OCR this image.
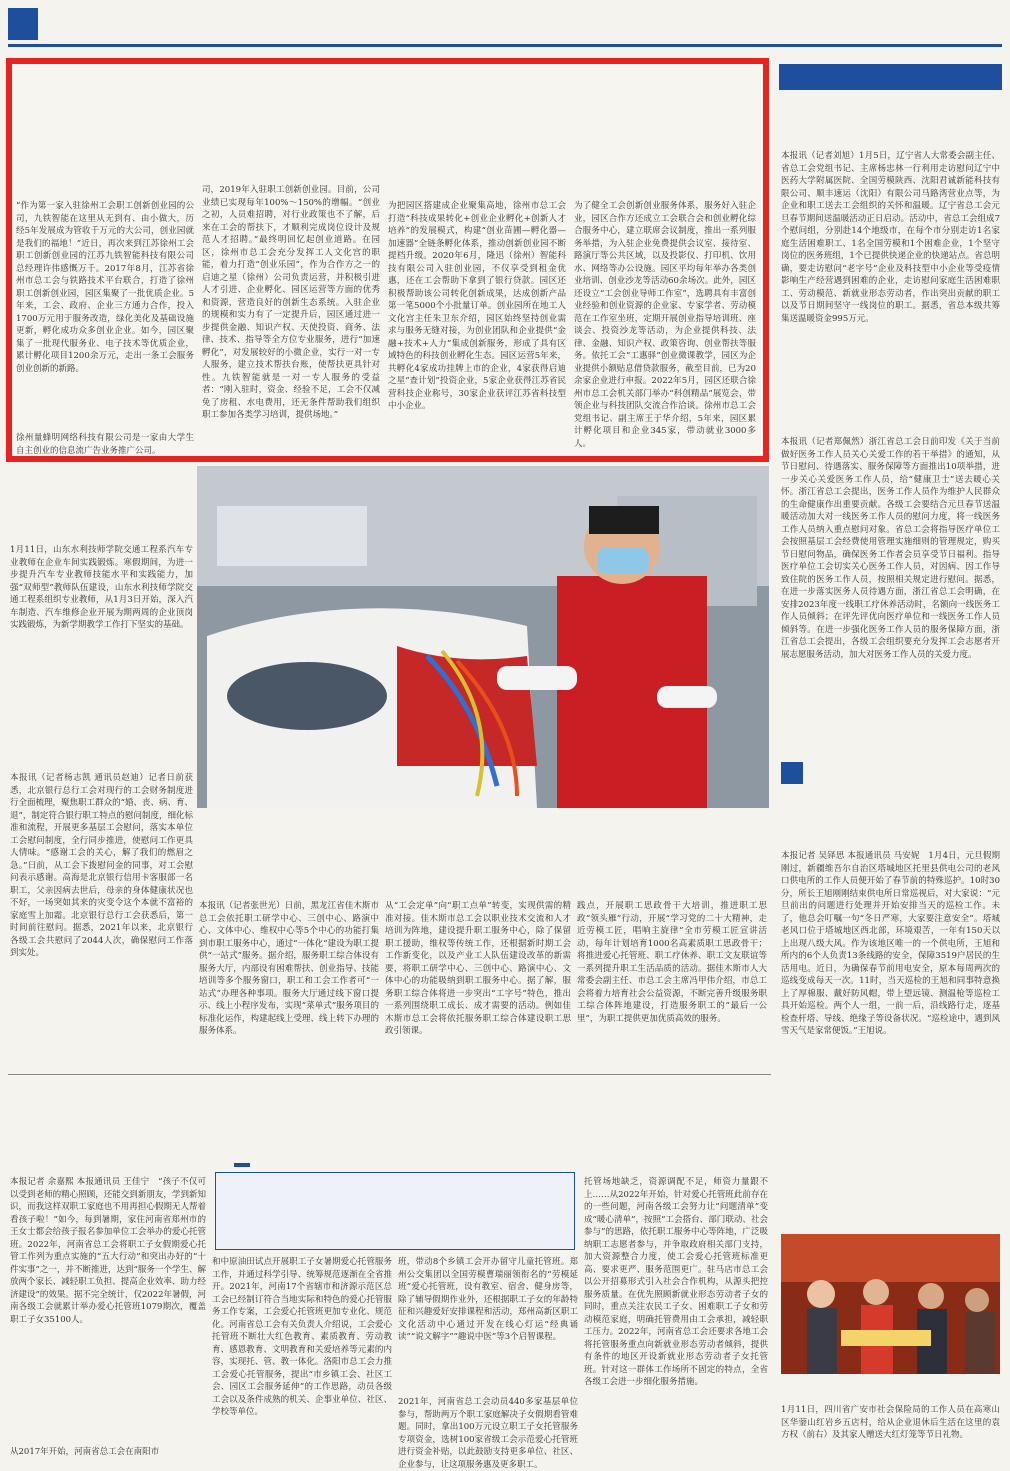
“作为第一家入驻徐州工会职工创新创业园的公司，九铁智能在这里从无到有、由小做大，历经5年发展成为管收千万元的大公司，创业园就是我们的福地！”近日，再次来到江苏徐州工会职工创新创业园的江苏九铁智能科技有限公司总经理许伟感慨万千。2017年8月，江苏省徐州市总工会与铁路技术平台联合，打造了徐州职工创新创业园，园区集聚了一批优质企业。5年来，工会、政府、企业三方通力合作，投入1700万元用于服务改造，绿化美化及基础设施更新，孵化成功众多创业企业。如今，园区聚集了一批现代服务业、电子技术等优质企业，累计孵化项目1200余万元，走出一条工会服务创业创新的新路。
徐州量蜂明网络科技有限公司是一家由大学生自主创业的信息流广告业务推广公司。
司，2019年入驻职工创新创业园。目前，公司业绩已实现每年100%～150%的增幅。“创业之初，人员难招聘，对行业政策也不了解，后来在工会的帮扶下，才顺利完成岗位设计及规范人才招聘。”最终明回忆起创业道路。在园区，徐州市总工会充分发挥工人文化宫的职能，着力打造“创业乐园”，作为合作方之一的启迪之星（徐州）公司负责运营，并积极引进人才引进、企业孵化、园区运营等方面的优秀和资源，营造良好的创新生态系统。入驻企业的规模和实力有了一定提升后，园区通过进一步提供金融、知识产权、天使投资、商务、法律、技术、指导等全方位专业服务，进行“加速孵化”，对发展较好的小微企业，实行一对一专人服务，建立技术帮扶台账，使帮扶更具针对性。九铁智能就是一对一专人服务的受益者：“刚入驻时，资金、经验不足，工会不仅减免了房租、水电费用，还无条件帮助我们组织职工参加各类学习培训，提供场地。”
为把园区搭建成企业聚集高地，徐州市总工会打造“科技成果转化+创业企业孵化+创新人才培养”的发展模式，构建“创业苗圃—孵化器—加速器”全链条孵化体系，推动创新创业园不断提档升级。2020年6月，隆迅（徐州）智能科技有限公司入驻创业园，不仅享受到租金优惠，还在工会帮助下拿到了银行贷款。园区还积极帮助该公司转化创新成果，达成创新产品第一笔5000个小批量订单。创业园所在地工人文化宫主任朱卫东介绍，园区始终坚持创业需求与服务无缝对接，为创业团队和企业提供“金融+技术+人力”集成创新服务，形成了具有区域特色的科技创业孵化生态。园区运营5年来，共孵化4家成功挂牌上市的企业，4家获得启迪之星“查计划”投资企业，5家企业获得江苏省民营科技企业称号，30家企业获评江苏省科技型中小企业。
为了健全工会创新创业服务体系，服务好入驻企业，园区合作方还成立工会联合会和创业孵化综合服务中心，建立联席会议制度，推出一系列服务举措，为入驻企业免费提供会议室、接待室、路演厅等公共区域，以及投影仪、打印机、饮用水、网络等办公设施。园区平均每年举办各类创业培训、创业沙龙等活动60余场次。此外，园区还设立“工会创业导师工作室”，选聘具有丰富创业经验和创业资源的企业家、专家学者、劳动模范在工作室坐班，定期开展创业指导培训班、座谈会、投资沙龙等活动，为企业提供科技、法律、金融、知识产权、政策咨询、创业帮扶等服务。依托工会“工惠驿”创业微课教学，园区为企业提供小额贴息借贷款服务，截至目前，已为20余家企业进行申报。2022年5月，园区还联合徐州市总工会机关部门举办“科创精品”展览会，带领企业与科技团队交流合作洽谈。徐州市总工会党组书记、副主席王于华介绍，5年来，园区累计孵化项目和企业345家，带动就业3000多人。
本报讯（记者刘旭）1月5日，辽宁省人大常委会副主任、省总工会党组书记、主席杨忠林一行利用走访慰问辽宁中医药大学附属医院、全国劳模陕西、沈阳君诚新能科技有限公司、顺丰速运（沈阳）有限公司马路湾营业点等，为企业和职工送去工会组织的关怀和温暖。辽宁省总工会元旦春节期间送温暖活动正日启动。活动中，省总工会组成7个慰问组，分别赴14个地级市，在每个市分别走访1名家庭生活困难职工、1名全国劳模和1个困难企业，1个坚守岗位的医务班组，1个已提供快递企业的快递站点。省总明确，要走访慰问“老字号”企业及科技型中小企业等受疫情影响生产经营遇到困难的企业，走访慰问家庭生活困难职工、劳动模范、新就业形态劳动者，作出突出贡献的职工以及节日期间坚守一线岗位的职工。据悉，省总本级共筹集送温暖资金995万元。
本报讯（记者郑佩然）浙江省总工会日前印发《关于当前做好医务工作人员关心关爱工作的若干举措》的通知，从节日慰问、待遇落实、服务保障等方面推出10项举措，进一步关心关爱医务工作人员，给“健康卫士”送去暖心关怀。浙江省总工会提出，医务工作人员作为维护人民群众的生命健康作出重要贡献。各级工会要结合元旦春节送温暖活动加大对一线医务工作人员的慰问力度，将一线医务工作人员纳入重点慰问对象。省总工会将指导医疗单位工会按照基层工会经费使用管理实施细则的管理规定，购买节日慰问物品，确保医务工作者会员享受节日福利。指导医疗单位工会切实关心医务工作人员，对因病、因工作导致住院的医务工作人员，按照相关规定进行慰问。据悉，在进一步落实医务人员待遇方面，浙江省总工会明确，在安排2023年度一线职工疗休养活动时，名额向一线医务工作人员倾斜；在评先评优向医疗单位和一线医务工作人员倾斜等。在进一步强化医务工作人员的服务保障方面，浙江省总工会提出，各级工会组织要充分发挥工会志愿者开展志愿服务活动，加大对医务工作人员的关爱力度。
本报记者 吴铎思 本报通讯员 马安妮　1月4日，元旦假期刚过，新疆维吾尔自治区塔城地区托里县供电公司的老风口供电所的工作人员便开始了春节前的特殊巡护。10时30分，所长王旭刚刚结束供电所日常巡视后，对大家说：“元旦前出的问题进行处理并开始安排当天的巡检工作。未了，他总会叮嘱一句“冬日严寒，大家要注意安全”。塔城老风口位于塔城地区西北部，环境艰苦，一年有150天以上出现八级大风。作为该地区唯一的一个供电所，王旭和所内的6个人负责13条线路的安全，保障3519户居民的生活用电。近日，为确保春节前用电安全，原本每周两次的巡线变成每天一次。11时，当天巡检的王旭和同事特意换上了厚棉服、戴好防风帽，带上望远镜、测温枪等巡检工具开始巡检。两个人一组，一前一后，沿线路行走，逐基检查杆塔、导线、绝缘子等设备状况。“巡检途中，遇到风雪天气是家常便饭。”王旭说。
1月11日，四川省广安市社会保险局的工作人员在高寒山区华蓥山红岩乡五店村，给从企业退休后生活在这里的袁方权（前右）及其家人赠送大红灯笼等节日礼物。
1月11日，山东水利技师学院交通工程系汽车专业教师在企业车间实践锻炼。寒假期间，为进一步提升汽车专业教师技能水平和实践能力，加强“双师型”教师队伍建设，山东水利技师学院交通工程系组织专业教师，从1月3日开始，深入汽车制造、汽车维修企业开展为期两周的企业顶岗实践锻炼，为新学期教学工作打下坚实的基础。
本报讯（记者杨志凯 通讯员赵迪）记者日前获悉，北京银行总行工会对现行的工会财务制度进行全面梳理，聚焦职工群众的“婚、丧、病、育、退”，制定符合银行职工特点的慰问制度，细化标准和流程，开展更多基层工会慰问，落实本单位工会慰问制度，全行同步推进，使慰问工作更具人情味。“感谢工会的关心，解了我们的燃眉之急。”日前，从工会下拨慰问金的同事，对工会慰问表示感谢。高海是北京银行信用卡客服部一名职工，父亲因病去世后，母亲的身体健康状况也不好，一场突如其来的灾变令这个本就不富裕的家庭雪上加霜。北京银行总行工会获悉后，第一时间前往慰问。据悉，2021年以来，北京银行各级工会共慰问了2044人次，确保慰问工作落到实处。
本报讯（记者张世光）日前，黑龙江省佳木斯市总工会依托职工研学中心、三创中心、路演中心、文体中心、维权中心等5个中心的功能打集到市职工服务中心，通过“一体化”建设为职工提供“一站式”服务。据介绍，服务职工综合体设有服务大厅，内部设有困难帮扶、创业指导、技能培训等多个服务窗口，职工和工会工作者可“一站式”办理各种事项。服务大厅通过线下窗口提示、线上小程序发布，实现“菜单式”服务项目的标准化运作，构建起线上受理、线上转下办理的服务体系。
从“工会定单”向“职工点单”转变，实现供需的精准对接。佳木斯市总工会以职业技术交流和人才培训为阵地，建设提升职工服务中心，除了保留职工援助，维权等传统工作，还根据新时期工会工作新变化，以及产业工人队伍建设改革的新需要，将职工研学中心、三创中心、路演中心、文体中心的功能吸纳到职工服务中心。据了解，服务职工综合体将进一步突出“工字号”特色，推出一系列围绕职工成长、成才需要的活动。例如佳木斯市总工会将依托服务职工综合体建设职工思政引领课。
践点，开展职工思政骨干大培训，推进职工思政“领头雁”行动，开展“学习党的二十大精神，走近劳模工匠，唱响主旋律”全市劳模工匠宣讲活动，每年计划培育1000名高素质职工思政骨干；将推进爱心托管班、职工疗休养、职工文友联谊等一系列提升职工生活品质的活动。据佳木斯市人大常委会副主任、市总工会主席冯甲伟介绍，市总工会将着力培育社会公益资源，不断完善升级服务职工综合体阵地建设，打造服务职工的“最后一公里”，为职工提供更加优质高效的服务。
本报记者 余嘉熙 本报通讯员 王佳宁　“孩子不仅可以受到老师的精心照顾，还能交到新朋友，学到新知识，而我这样双职工家庭也不用再担心假期无人帮着看孩子啦！”如今，每到暑期，家住河南省郑州市的王女士都会给孩子报名参加单位工会举办的爱心托管班。2022年，河南省总工会将职工子女假期爱心托管工作列为重点实施的“五大行动”和突出办好的“十件实事”之一，并不断推进，达到“服务一个学生、解放两个家长、减轻职工负担、提高企业效率、助力经济建设”的效果。据不完全统计，仅2022年暑假，河南各级工会就累计举办爱心托管班1079期次，覆盖职工子女35100人。
从2017年开始，河南省总工会在南阳市
和中原油田试点开展职工子女暑期爱心托管服务工作，并通过科学引导、统筹规范逐渐在全省推开。2021年，河南17个省辖市和济源示范区总工会已经制订符合当地实际和特色的爱心托管服务工作专案，工会爱心托管班更加专业化、规范化。河南省总工会有关负责人介绍说，工会爱心托管班不断壮大红色教育、素质教育、劳动教育、感恩教育、文明教育和关爱培养等元素的内容，实现托、管、教一体化。洛阳市总工会力推工会爱心托管服务，提出“市乡镇工会、社区工会、园区工会服务延伸”的工作思路，动员各级工会以及条件成熟的机关、企事业单位、社区、学校等单位。
班，带动8个乡镇工会开办留守儿童托管班。郑州公交集团以全国劳模曹瑞丽领衔名的“劳模延班”爱心托管班，设有教室、宿舍、健身房等，除了辅导假期作业外，还根据职工子女的年龄特征和兴趣爱好安排课程和活动，郑州高新区职工文化活动中心通过开发在线心灯运“经典诵读”“说文解字”“趣说中医”等3个启智课程。
2021年，河南省总工会动员440多家基层单位参与，帮助两万个职工家庭解决子女假期看管难题。同时，拿出100万元设立职工子女托管服务专项资金，选树100家省级工会示范爱心托管班进行资金补贴，以此鼓励支持更多单位、社区、企业参与，让这项服务惠及更多职工。
托管场地缺乏，资源调配不足，师资力量跟不上……从2022年开始，针对爱心托管班此前存在的一些问题，河南各级工会努力让“问题清单”变成“暖心清单”，按照“工会搭台、部门联动、社会参与”的思路，依托职工服务中心等阵地，广泛吸纳职工志愿者参与，并争取政府相关部门支持，加大资源整合力度，使工会爱心托管班标准更高、要求更严、服务范围更广。驻马店市总工会以公开招募形式引入社会合作机构，从源头把控服务质量。在优先照顾新就业形态劳动者子女的同时，重点关注农民工子女、困难职工子女和劳动模范家庭，明确托管费用由工会承担，减轻职工压力。2022年，河南省总工会还要求各地工会将托管服务重点向新就业形态劳动者倾斜，提供有条件的地区开设新就业形态劳动者子女托管班。针对这一群体工作场所不固定的特点，全省各级工会进一步细化服务措施。
